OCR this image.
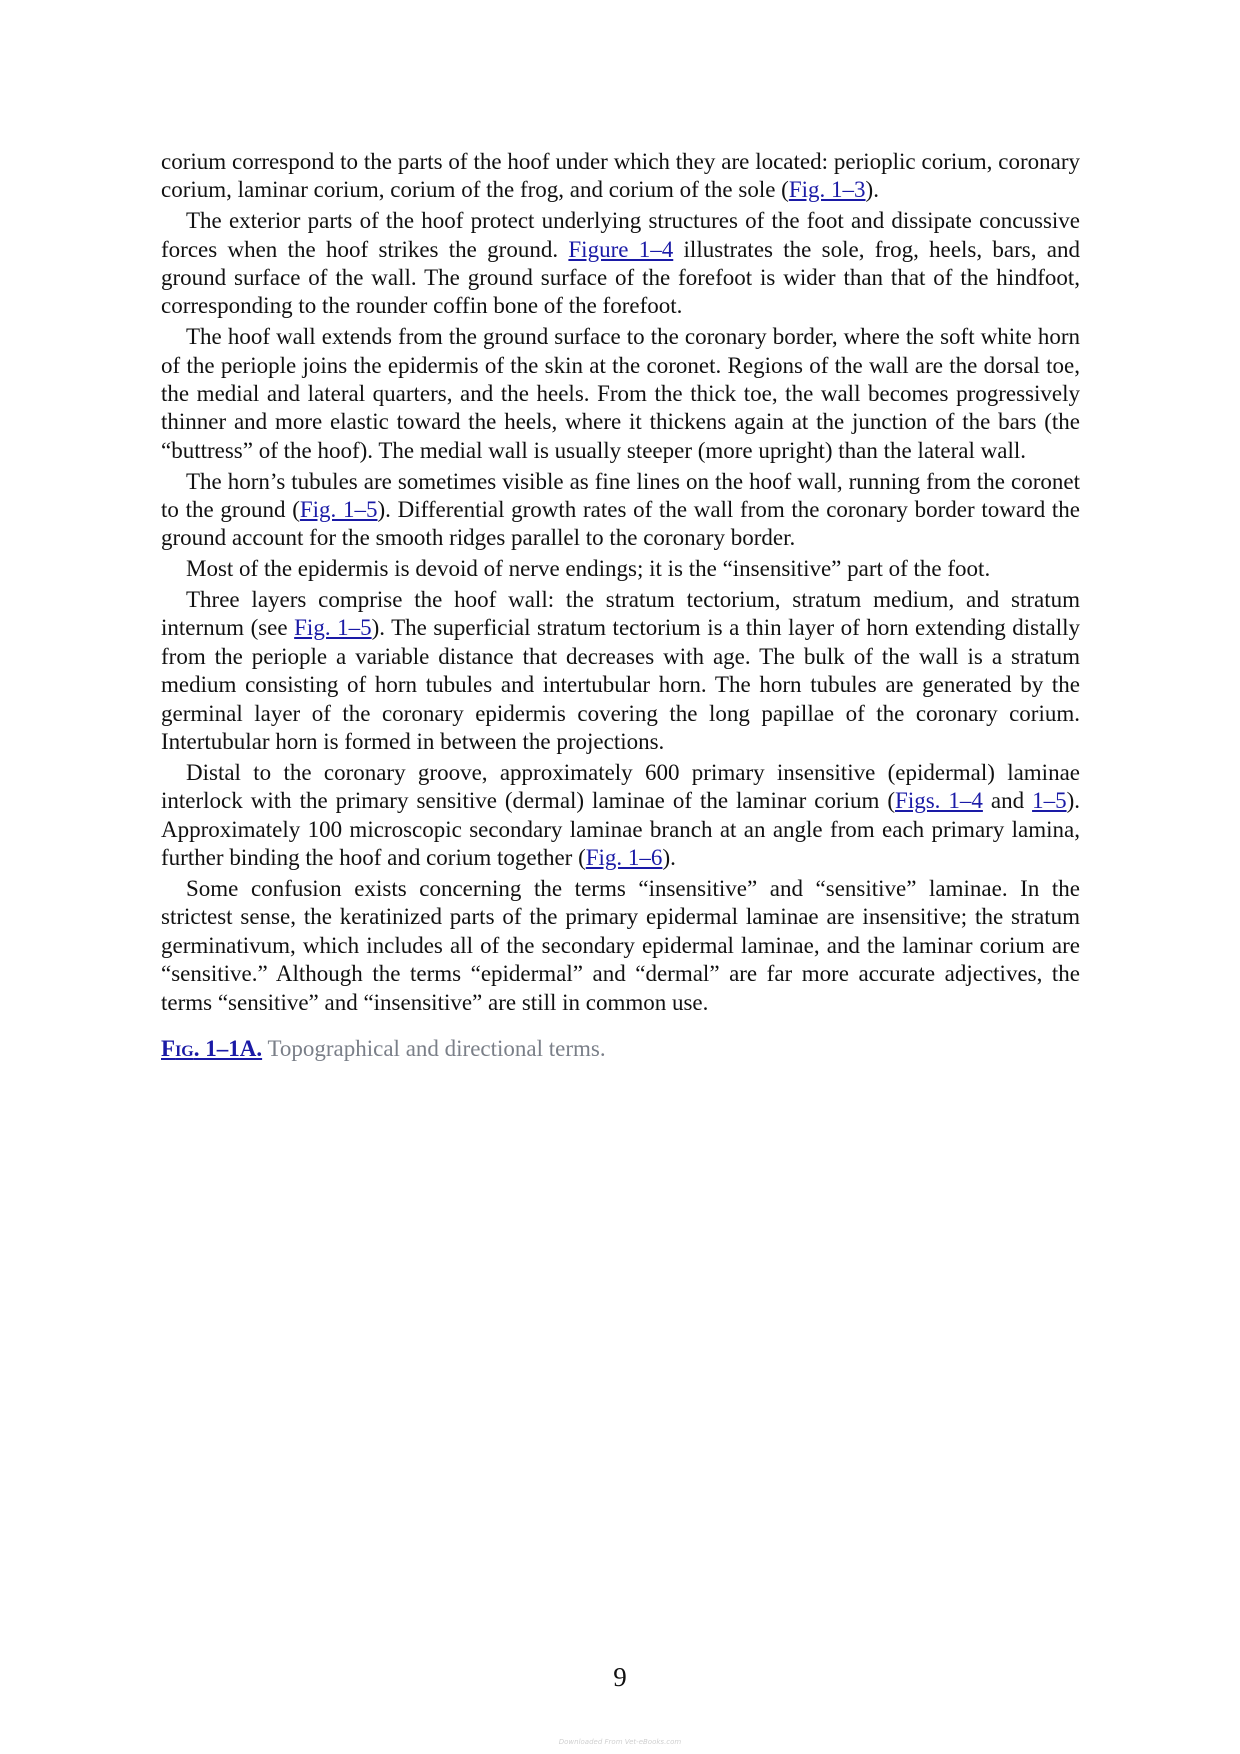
corium correspond to the parts of the hoof under which they are located: perioplic corium, coronary corium, laminar corium, corium of the frog, and corium of the sole (Fig. 1–3).

The exterior parts of the hoof protect underlying structures of the foot and dissipate concussive forces when the hoof strikes the ground. Figure 1–4 illustrates the sole, frog, heels, bars, and ground surface of the wall. The ground surface of the forefoot is wider than that of the hindfoot, corresponding to the rounder coffin bone of the forefoot.

The hoof wall extends from the ground surface to the coronary border, where the soft white horn of the periople joins the epidermis of the skin at the coronet. Regions of the wall are the dorsal toe, the medial and lateral quarters, and the heels. From the thick toe, the wall becomes progressively thinner and more elastic toward the heels, where it thickens again at the junction of the bars (the “buttress” of the hoof). The medial wall is usually steeper (more upright) than the lateral wall.

The horn’s tubules are sometimes visible as fine lines on the hoof wall, running from the coronet to the ground (Fig. 1–5). Differential growth rates of the wall from the coronary border toward the ground account for the smooth ridges parallel to the coronary border.

Most of the epidermis is devoid of nerve endings; it is the “insensitive” part of the foot.

Three layers comprise the hoof wall: the stratum tectorium, stratum medium, and stratum internum (see Fig. 1–5). The superficial stratum tectorium is a thin layer of horn extending distally from the periople a variable distance that decreases with age. The bulk of the wall is a stratum medium consisting of horn tubules and intertubular horn. The horn tubules are generated by the germinal layer of the coronary epidermis covering the long papillae of the coronary corium. Intertubular horn is formed in between the projections.

Distal to the coronary groove, approximately 600 primary insensitive (epidermal) laminae interlock with the primary sensitive (dermal) laminae of the laminar corium (Figs. 1–4 and 1–5). Approximately 100 microscopic secondary laminae branch at an angle from each primary lamina, further binding the hoof and corium together (Fig. 1–6).

Some confusion exists concerning the terms “insensitive” and “sensitive” laminae. In the strictest sense, the keratinized parts of the primary epidermal laminae are insensitive; the stratum germinativum, which includes all of the secondary epidermal laminae, and the laminar corium are “sensitive.” Although the terms “epidermal” and “dermal” are far more accurate adjectives, the terms “sensitive” and “insensitive” are still in common use.

Fig. 1–1A. Topographical and directional terms.
9
Downloaded From Vet-eBooks.com
